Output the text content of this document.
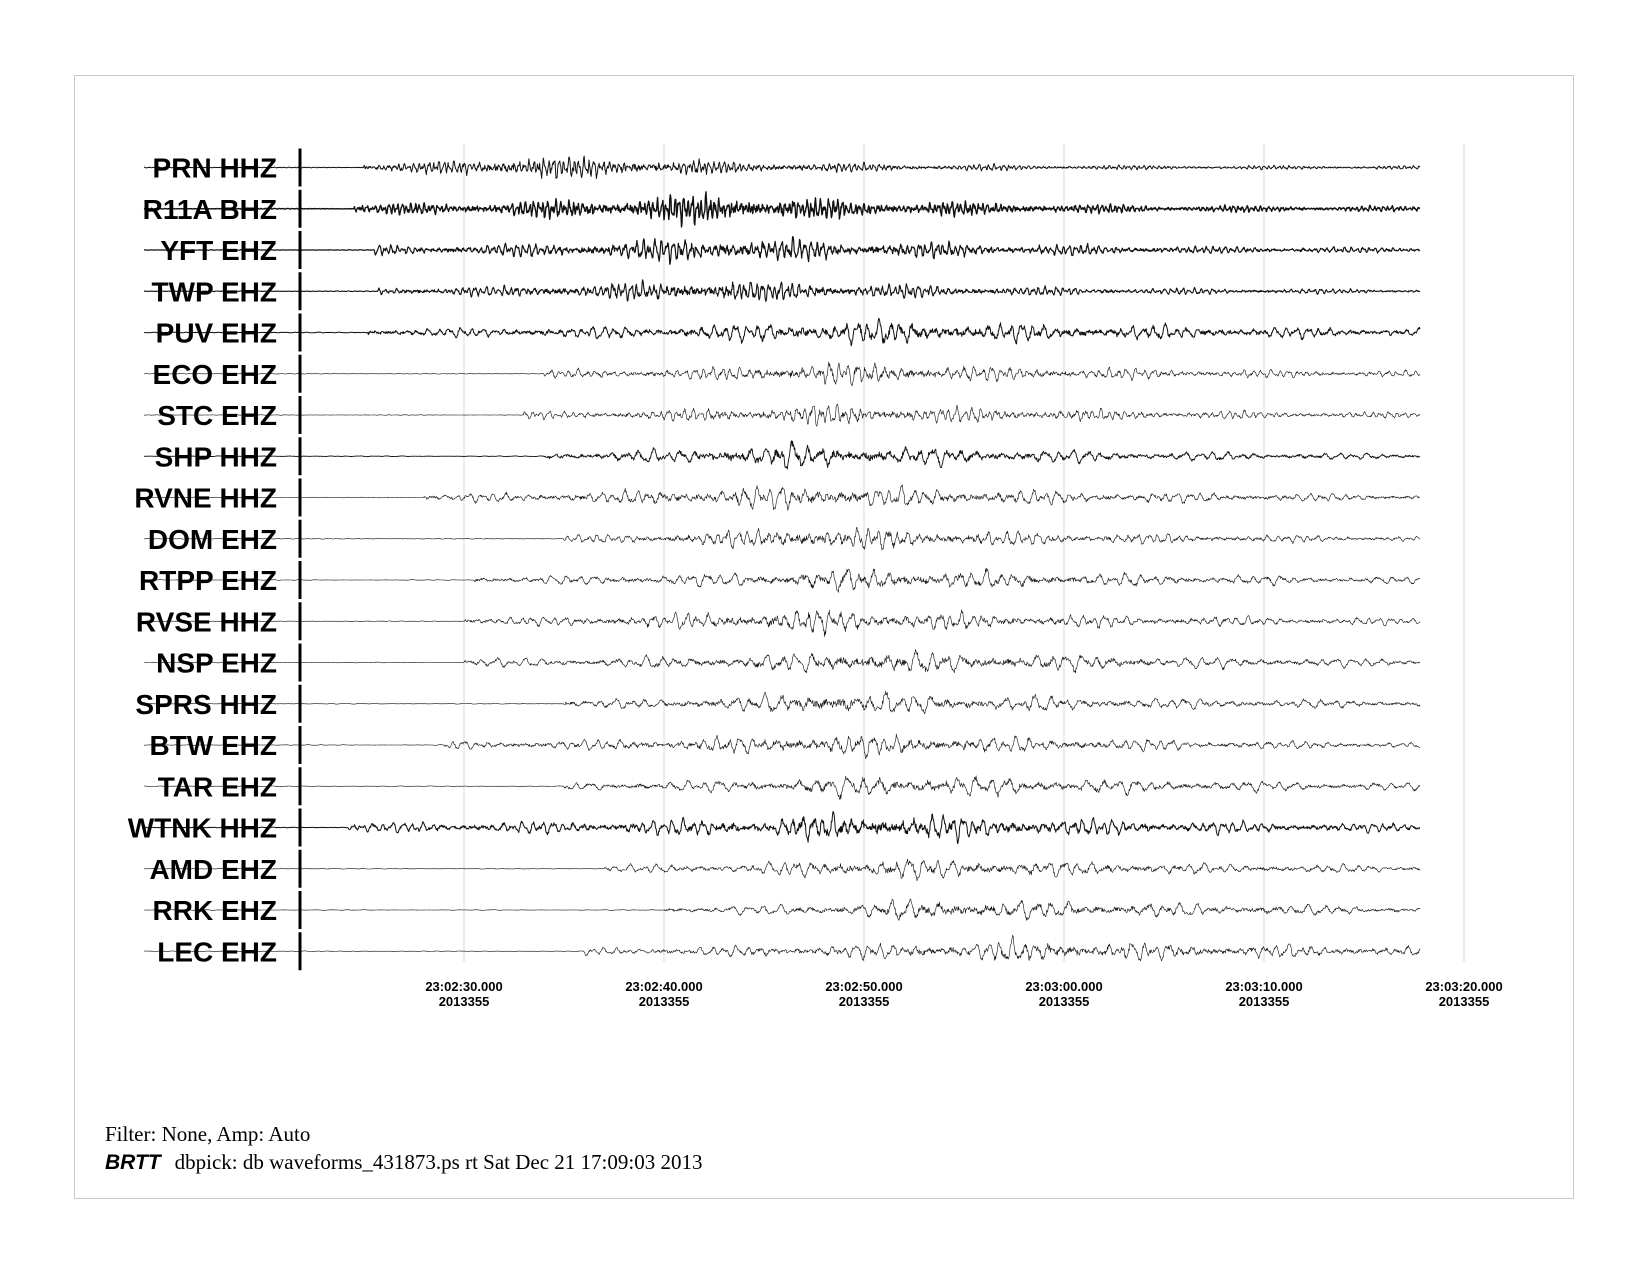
PRN HHZ
R11A BHZ
YFT EHZ
TWP EHZ
PUV EHZ
ECO EHZ
STC EHZ
SHP HHZ
RVNE HHZ
DOM EHZ
RTPP EHZ
RVSE HHZ
NSP EHZ
SPRS HHZ
BTW EHZ
TAR EHZ
WTNK HHZ
AMD EHZ
RRK EHZ
LEC EHZ
23:02:30.000
2013355
23:02:40.000
2013355
23:02:50.000
2013355
23:03:00.000
2013355
23:03:10.000
2013355
23:03:20.000
2013355
Filter: None, Amp: Auto
BRTT dbpick: db waveforms_431873.ps rt Sat Dec 21 17:09:03 2013
